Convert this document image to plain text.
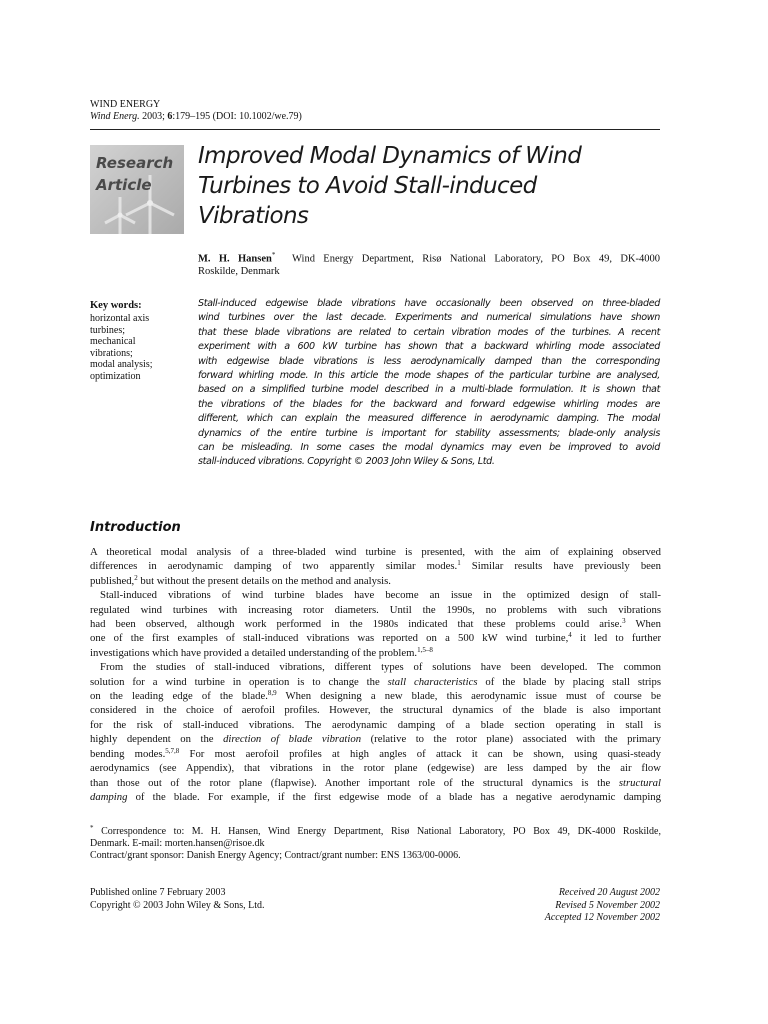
WIND ENERGY
Wind Energ. 2003; 6:179–195 (DOI: 10.1002/we.79)
Research
Article
Improved Modal Dynamics of Wind
Turbines to Avoid Stall-induced
Vibrations
M. H. Hansen* Wind Energy Department, Risø National Laboratory, PO Box 49, DK-4000
Roskilde, Denmark
Key words:
horizontal axis
turbines;
mechanical
vibrations;
modal analysis;
optimization
Stall-induced edgewise blade vibrations have occasionally been observed on three-bladed
wind turbines over the last decade. Experiments and numerical simulations have shown
that these blade vibrations are related to certain vibration modes of the turbines. A recent
experiment with a 600 kW turbine has shown that a backward whirling mode associated
with edgewise blade vibrations is less aerodynamically damped than the corresponding
forward whirling mode. In this article the mode shapes of the particular turbine are analysed,
based on a simplified turbine model described in a multi-blade formulation. It is shown that
the vibrations of the blades for the backward and forward edgewise whirling modes are
different, which can explain the measured difference in aerodynamic damping. The modal
dynamics of the entire turbine is important for stability assessments; blade-only analysis
can be misleading. In some cases the modal dynamics may even be improved to avoid
stall-induced vibrations. Copyright © 2003 John Wiley & Sons, Ltd.
Introduction
A theoretical modal analysis of a three-bladed wind turbine is presented, with the aim of explaining observed
differences in aerodynamic damping of two apparently similar modes.$^1$ Similar results have previously been
published,$^2$ but without the present details on the method and analysis.
Stall-induced vibrations of wind turbine blades have become an issue in the optimized design of stall-
regulated wind turbines with increasing rotor diameters. Until the 1990s, no problems with such vibrations
had been observed, although work performed in the 1980s indicated that these problems could arise.$^3$ When
one of the first examples of stall-induced vibrations was reported on a 500 kW wind turbine,$^4$ it led to further
investigations which have provided a detailed understanding of the problem.$^{1,5-8}$
From the studies of stall-induced vibrations, different types of solutions have been developed. The common
solution for a wind turbine in operation is to change the stall characteristics of the blade by placing stall strips
on the leading edge of the blade.$^{8,9}$ When designing a new blade, this aerodynamic issue must of course be
considered in the choice of aerofoil profiles. However, the structural dynamics of the blade is also important
for the risk of stall-induced vibrations. The aerodynamic damping of a blade section operating in stall is
highly dependent on the direction of blade vibration (relative to the rotor plane) associated with the primary
bending modes.$^{5,7,8}$ For most aerofoil profiles at high angles of attack it can be shown, using quasi-steady
aerodynamics (see Appendix), that vibrations in the rotor plane (edgewise) are less damped by the air flow
than those out of the rotor plane (flapwise). Another important role of the structural dynamics is the structural
damping of the blade. For example, if the first edgewise mode of a blade has a negative aerodynamic damping
* Correspondence to: M. H. Hansen, Wind Energy Department, Risø National Laboratory, PO Box 49, DK-4000 Roskilde,
Denmark. E-mail: morten.hansen@risoe.dk
Contract/grant sponsor: Danish Energy Agency; Contract/grant number: ENS 1363/00-0006.
Published online 7 February 2003
Copyright © 2003 John Wiley & Sons, Ltd.
Received 20 August 2002
Revised 5 November 2002
Accepted 12 November 2002
